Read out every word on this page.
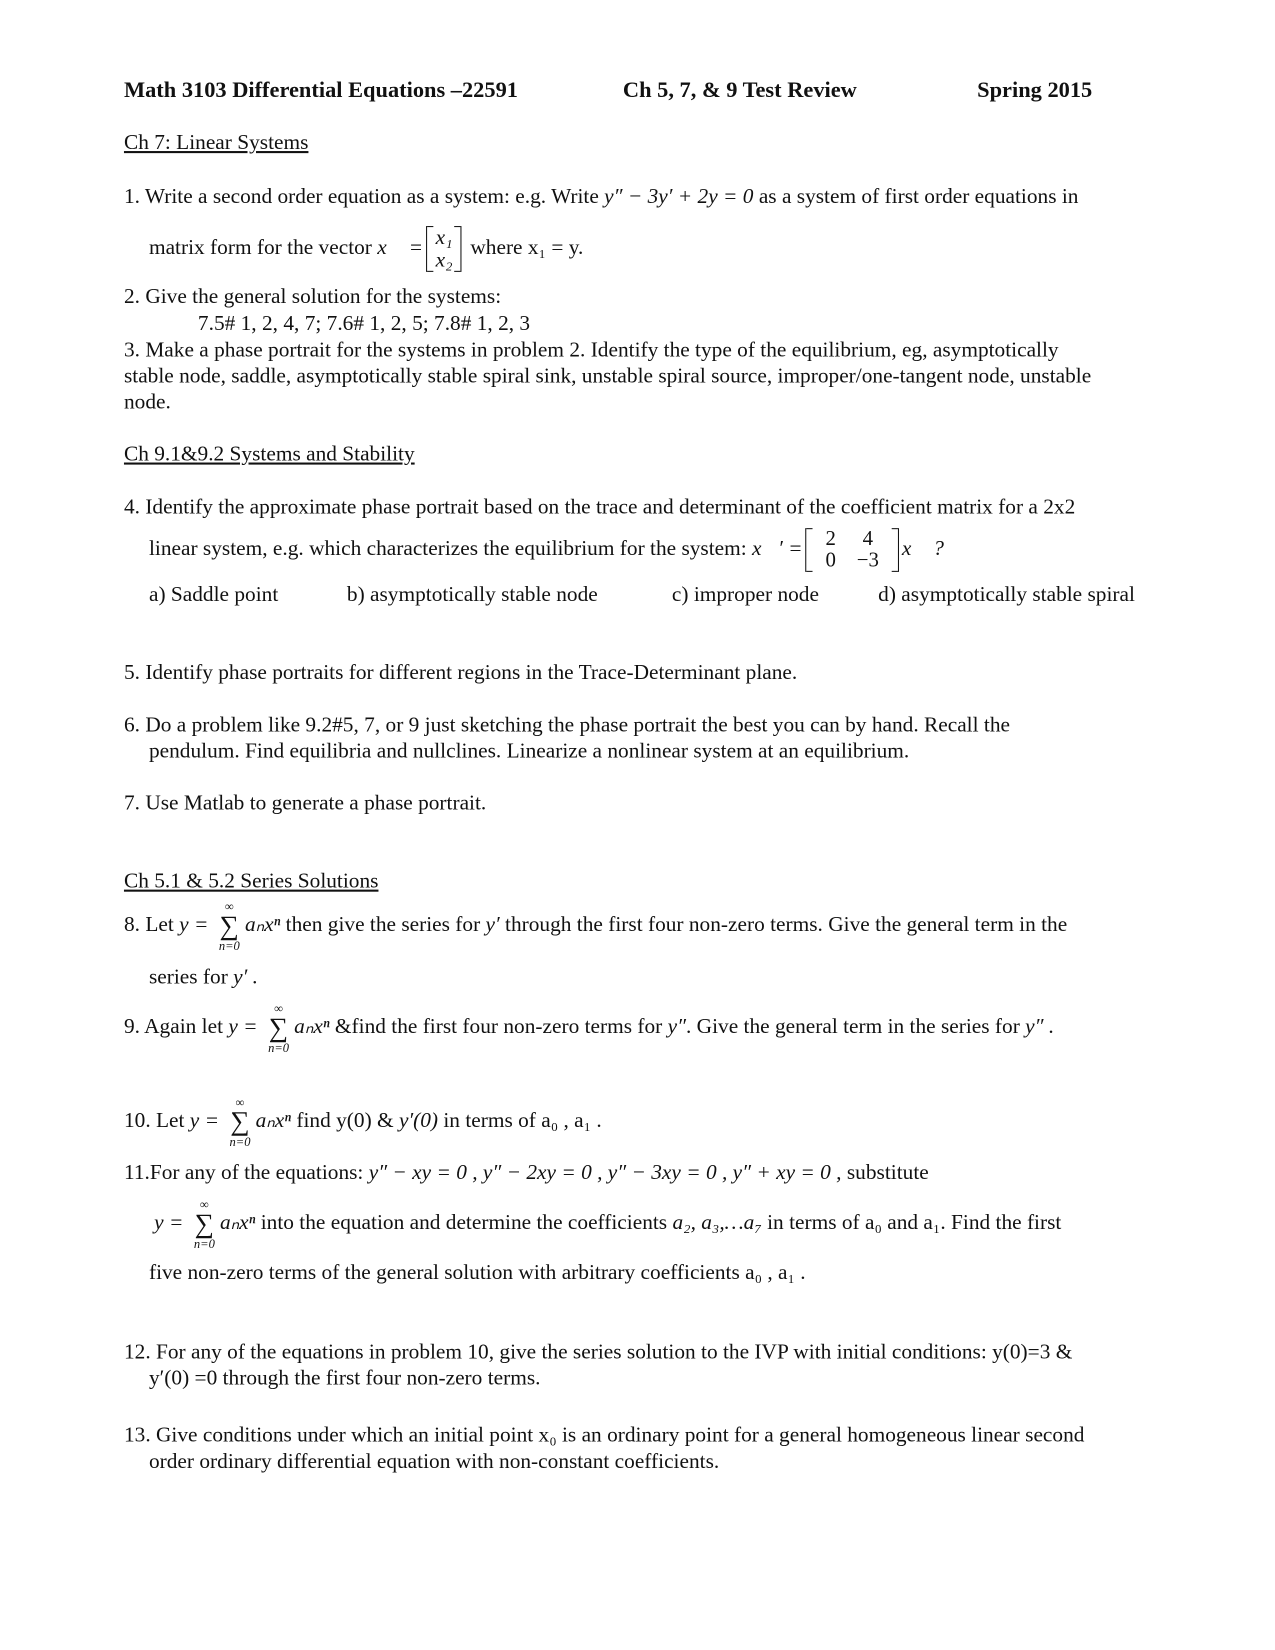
Math 3103 Differential Equations –22591	Ch 5, 7, & 9 Test Review	Spring 2015
Ch 7: Linear Systems
1. Write a second order equation as a system: e.g. Write y″ − 3y′ + 2y = 0 as a system of first order equations in
matrix form for the vector x⃗ = x₁
x₂
where x₁ = y.
2. Give the general solution for the systems:
7.5# 1, 2, 4, 7; 7.6# 1, 2, 5; 7.8# 1, 2, 3
3. Make a phase portrait for the systems in problem 2. Identify the type of the equilibrium, eg, asymptotically
stable node, saddle, asymptotically stable spiral sink, unstable spiral source, improper/one-tangent node, unstable
node.
Ch 9.1&9.2 Systems and Stability
4. Identify the approximate phase portrait based on the trace and determinant of the coefficient matrix for a 2x2
linear system, e.g. which characterizes the equilibrium for the system: x⃗′ = 2	4
0	−3
x⃗ ?
a) Saddle point	b) asymptotically stable node	c) improper node	d) asymptotically stable spiral
5. Identify phase portraits for different regions in the Trace-Determinant plane.
6. Do a problem like 9.2#5, 7, or 9 just sketching the phase portrait the best you can by hand. Recall the
pendulum. Find equilibria and nullclines. Linearize a nonlinear system at an equilibrium.
7. Use Matlab to generate a phase portrait.
Ch 5.1 & 5.2 Series Solutions
8. Let y =
∞
∑
n=0
aₙxⁿ then give the series for y′ through the first four non-zero terms. Give the general term in the
series for y′ .
9. Again let y =
∞
∑
n=0
aₙxⁿ &find the first four non-zero terms for y″. Give the general term in the series for y″ .
10. Let y =
∞
∑
n=0
aₙxⁿ find y(0) & y′(0) in terms of a₀ , a₁ .
11.For any of the equations: y″ − xy = 0 , y″ − 2xy = 0 , y″ − 3xy = 0 , y″ + xy = 0 , substitute
y =
∞
∑
n=0
aₙxⁿ into the equation and determine the coefficients a₂, a₃,…a₇ in terms of a₀ and a₁. Find the first
five non-zero terms of the general solution with arbitrary coefficients a₀ , a₁ .
12. For any of the equations in problem 10, give the series solution to the IVP with initial conditions: y(0)=3 &
y′(0) =0 through the first four non-zero terms.
13. Give conditions under which an initial point x₀ is an ordinary point for a general homogeneous linear second
order ordinary differential equation with non-constant coefficients.
